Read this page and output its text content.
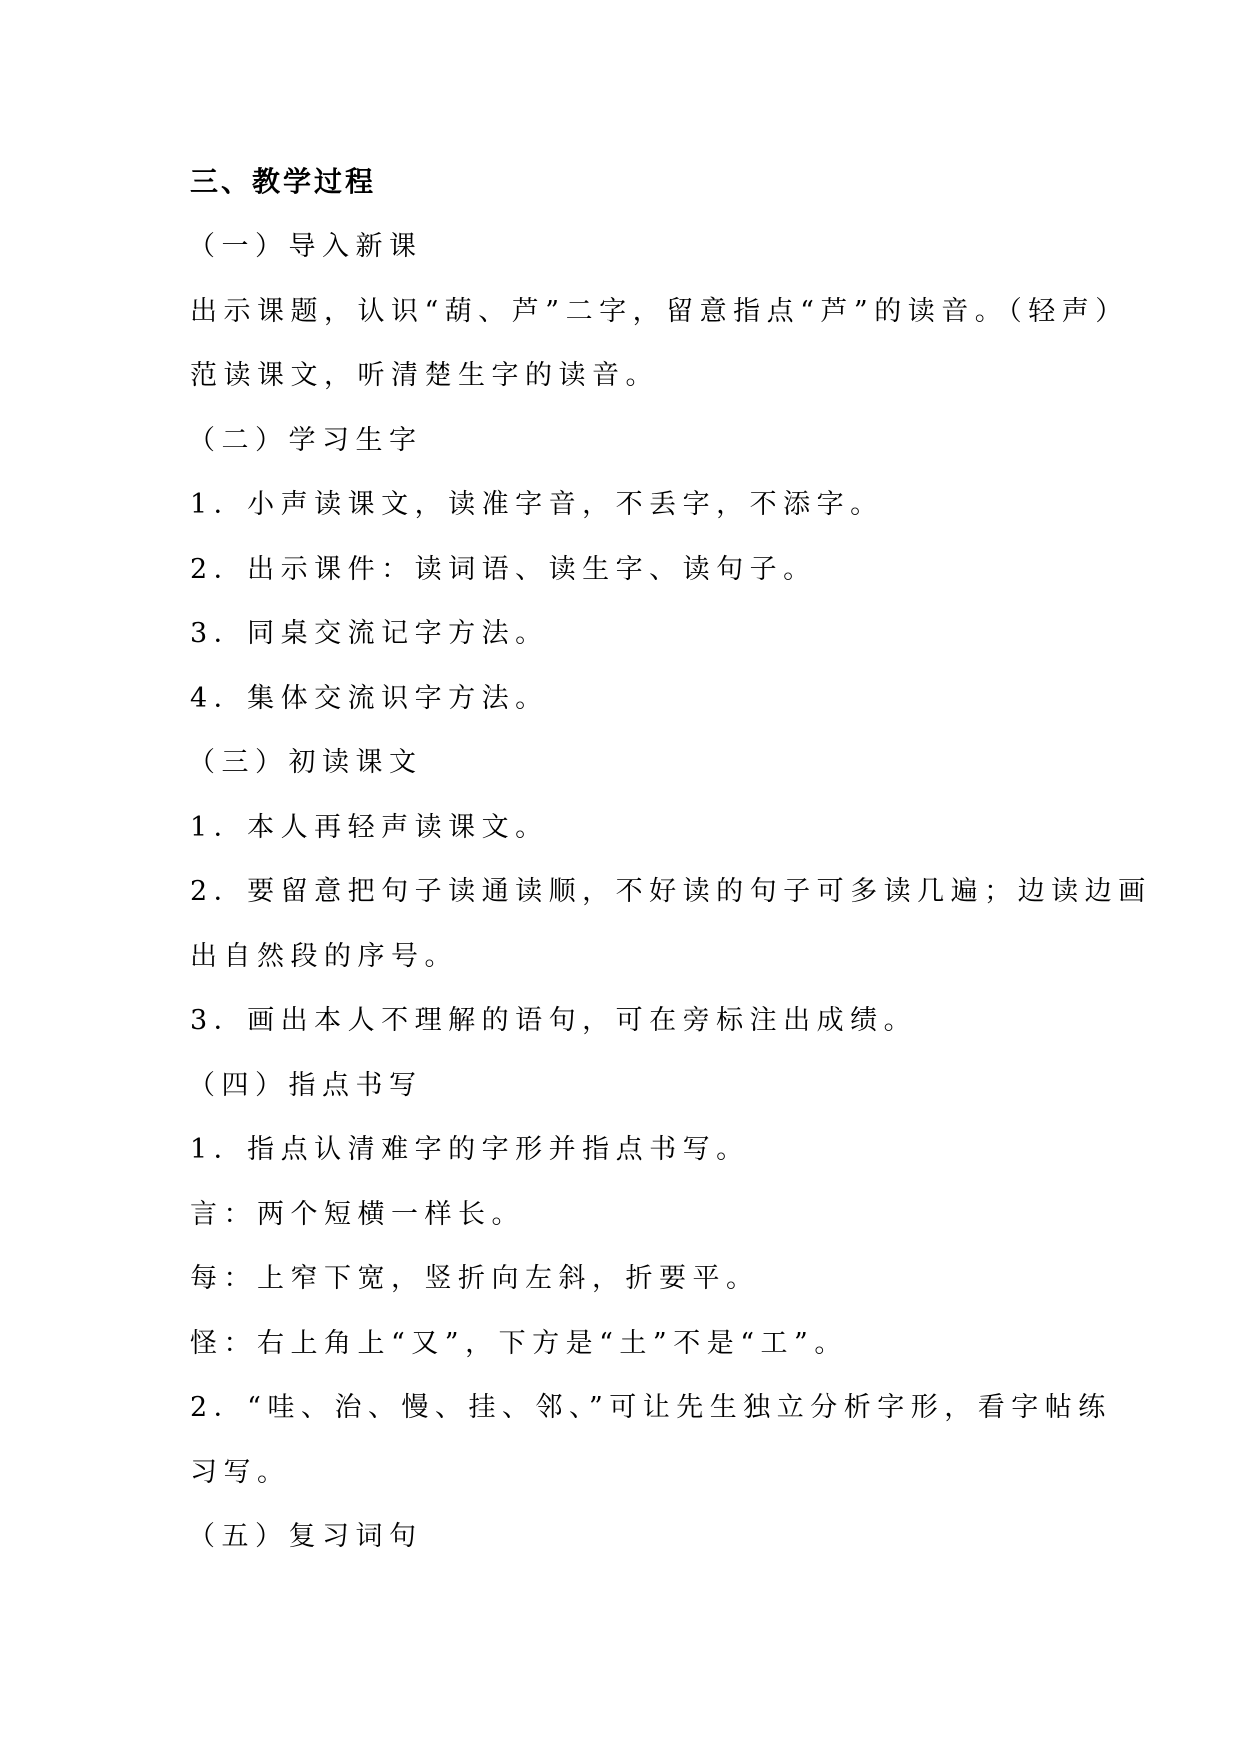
三、教学过程
（一）导入新课
出示课题，认识“葫、芦”二字，留意指点“芦”的读音。（轻声）
范读课文，听清楚生字的读音。
（二）学习生字
1．小声读课文，读准字音，不丢字，不添字。
2．出示课件：读词语、读生字、读句子。
3．同桌交流记字方法。
4．集体交流识字方法。
（三）初读课文
1．本人再轻声读课文。
2．要留意把句子读通读顺，不好读的句子可多读几遍；边读边画
出自然段的序号。
3．画出本人不理解的语句，可在旁标注出成绩。
（四）指点书写
1．指点认清难字的字形并指点书写。
言：两个短横一样长。
每：上窄下宽，竖折向左斜，折要平。
怪：右上角上“又”，下方是“土”不是“工”。
2．“哇、治、慢、挂、邻、”可让先生独立分析字形，看字帖练
习写。
（五）复习词句
